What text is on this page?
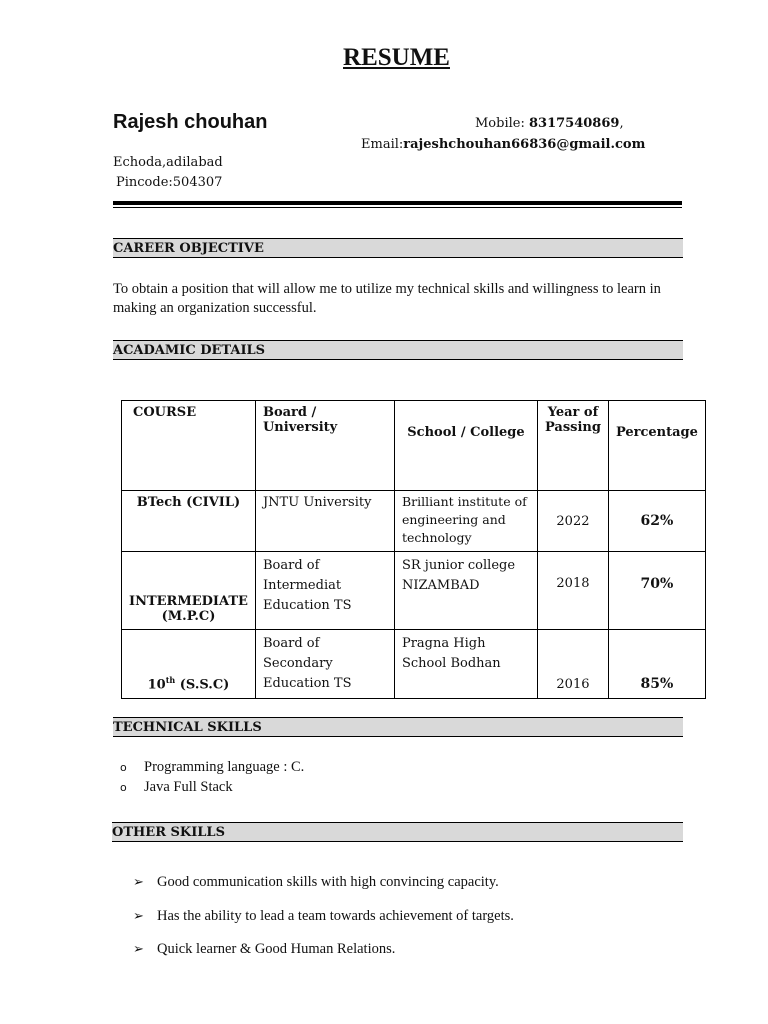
RESUME
Rajesh chouhan	Mobile: 8317540869,
Email:rajeshchouhan66836@gmail.com
Echoda,adilabad
Pincode:504307
CAREER OBJECTIVE
To obtain a position that will allow me to utilize my technical skills and willingness to learn in making an organization successful.
ACADAMIC DETAILS
COURSE	Board / University	School / College	Year of Passing	Percentage
BTech (CIVIL)	JNTU University	Brilliant institute of engineering and technology	2022	62%
INTERMEDIATE (M.P.C)	Board of Intermediat Education TS	SR junior college NIZAMBAD	2018	70%
10th (S.S.C)	Board of Secondary Education TS	Pragna High School Bodhan	2016	85%
TECHNICAL SKILLS
o Programming language : C.
o Java Full Stack
OTHER SKILLS
➢ Good communication skills with high convincing capacity.
➢ Has the ability to lead a team towards achievement of targets.
➢ Quick learner & Good Human Relations.
